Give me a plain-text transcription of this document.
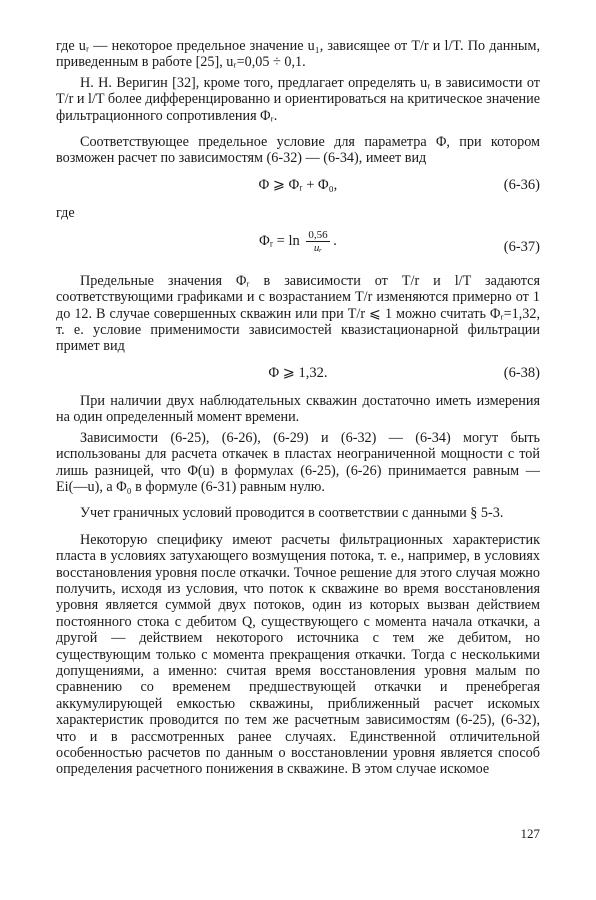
где uᵣ — некоторое предельное значение u₁, зависящее от T/r и l/T. По данным, приведенным в работе [25], uᵣ=0,05 ÷ 0,1.

Н. Н. Веригин [32], кроме того, предлагает определять uᵣ в зависимости от T/r и l/T более дифференцированно и ориентироваться на критическое значение фильтрационного сопротивления Φᵣ.

Соответствующее предельное условие для параметра Φ, при котором возможен расчет по зависимостям (6-32) — (6-34), имеет вид

Φ ⩾ Φᵣ + Φ₀,	(6-36)

где

Φᵣ = $\ln \frac{0,56}{\text{uᵣ}}$ .	(6-37)

Предельные значения Φᵣ в зависимости от T/r и l/T задаются соответствующими графиками и с возрастанием T/r изменяются примерно от 1 до 12. В случае совершенных скважин или при T/r ⩽ 1 можно считать Φᵣ=1,32, т. е. условие применимости зависимостей квазистационарной фильтрации примет вид

Φ ⩾ 1,32.	(6-38)

При наличии двух наблюдательных скважин достаточно иметь измерения на один определенный момент времени.

Зависимости (6-25), (6-26), (6-29) и (6-32) — (6-34) могут быть использованы для расчета откачек в пластах неограниченной мощности с той лишь разницей, что Φ(u) в формулах (6-25), (6-26) принимается равным — Ei(—u), а Φ₀ в формуле (6-31) равным нулю.

Учет граничных условий проводится в соответствии с данными § 5-3.

Некоторую специфику имеют расчеты фильтрационных характеристик пласта в условиях затухающего возмущения потока, т. е., например, в условиях восстановления уровня после откачки. Точное решение для этого случая можно получить, исходя из условия, что поток к скважине во время восстановления уровня является суммой двух потоков, один из которых вызван действием постоянного стока с дебитом Q, существующего с момента начала откачки, а другой — действием некоторого источника с тем же дебитом, но существующим только с момента прекращения откачки. Тогда с несколькими допущениями, а именно: считая время восстановления уровня малым по сравнению со временем предшествующей откачки и пренебрегая аккумулирующей емкостью скважины, приближенный расчет искомых характеристик проводится по тем же расчетным зависимостям (6-25), (6-32), что и в рассмотренных ранее случаях. Единственной отличительной особенностью расчетов по данным о восстановлении уровня является способ определения расчетного понижения в скважине. В этом случае искомое

127
